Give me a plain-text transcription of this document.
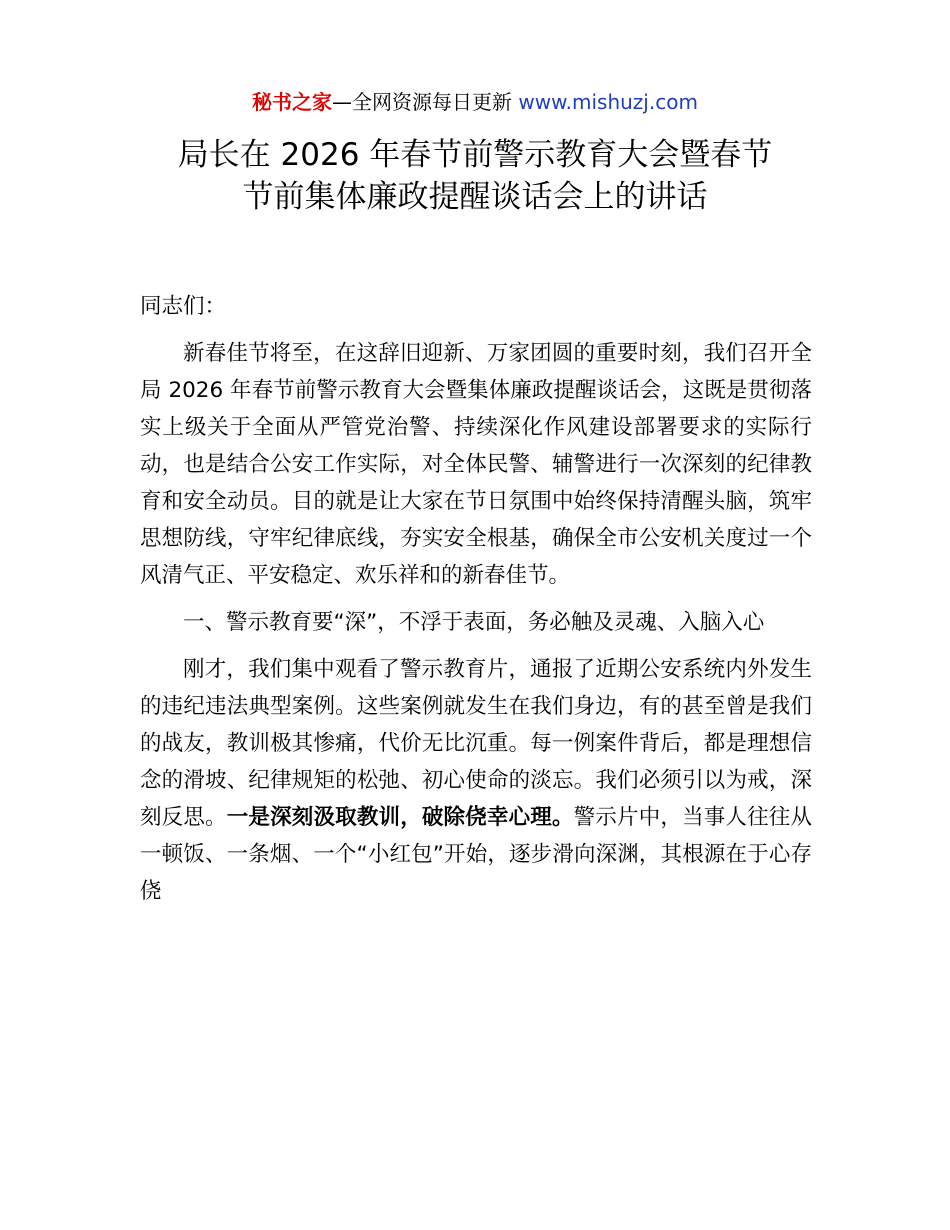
秘书之家—全网资源每日更新 www.mishuzj.com
局长在 2026 年春节前警示教育大会暨春节
节前集体廉政提醒谈话会上的讲话

同志们：

新春佳节将至，在这辞旧迎新、万家团圆的重要时刻，我们召开全局 2026 年春节前警示教育大会暨集体廉政提醒谈话会，这既是贯彻落实上级关于全面从严管党治警、持续深化作风建设部署要求的实际行动，也是结合公安工作实际，对全体民警、辅警进行一次深刻的纪律教育和安全动员。目的就是让大家在节日氛围中始终保持清醒头脑，筑牢思想防线，守牢纪律底线，夯实安全根基，确保全市公安机关度过一个风清气正、平安稳定、欢乐祥和的新春佳节。

一、警示教育要“深”，不浮于表面，务必触及灵魂、入脑入心

刚才，我们集中观看了警示教育片，通报了近期公安系统内外发生的违纪违法典型案例。这些案例就发生在我们身边，有的甚至曾是我们的战友，教训极其惨痛，代价无比沉重。每一例案件背后，都是理想信念的滑坡、纪律规矩的松弛、初心使命的淡忘。我们必须引以为戒，深刻反思。一是深刻汲取教训，破除侥幸心理。警示片中，当事人往往从一顿饭、一条烟、一个“小红包”开始，逐步滑向深渊，其根源在于心存侥
